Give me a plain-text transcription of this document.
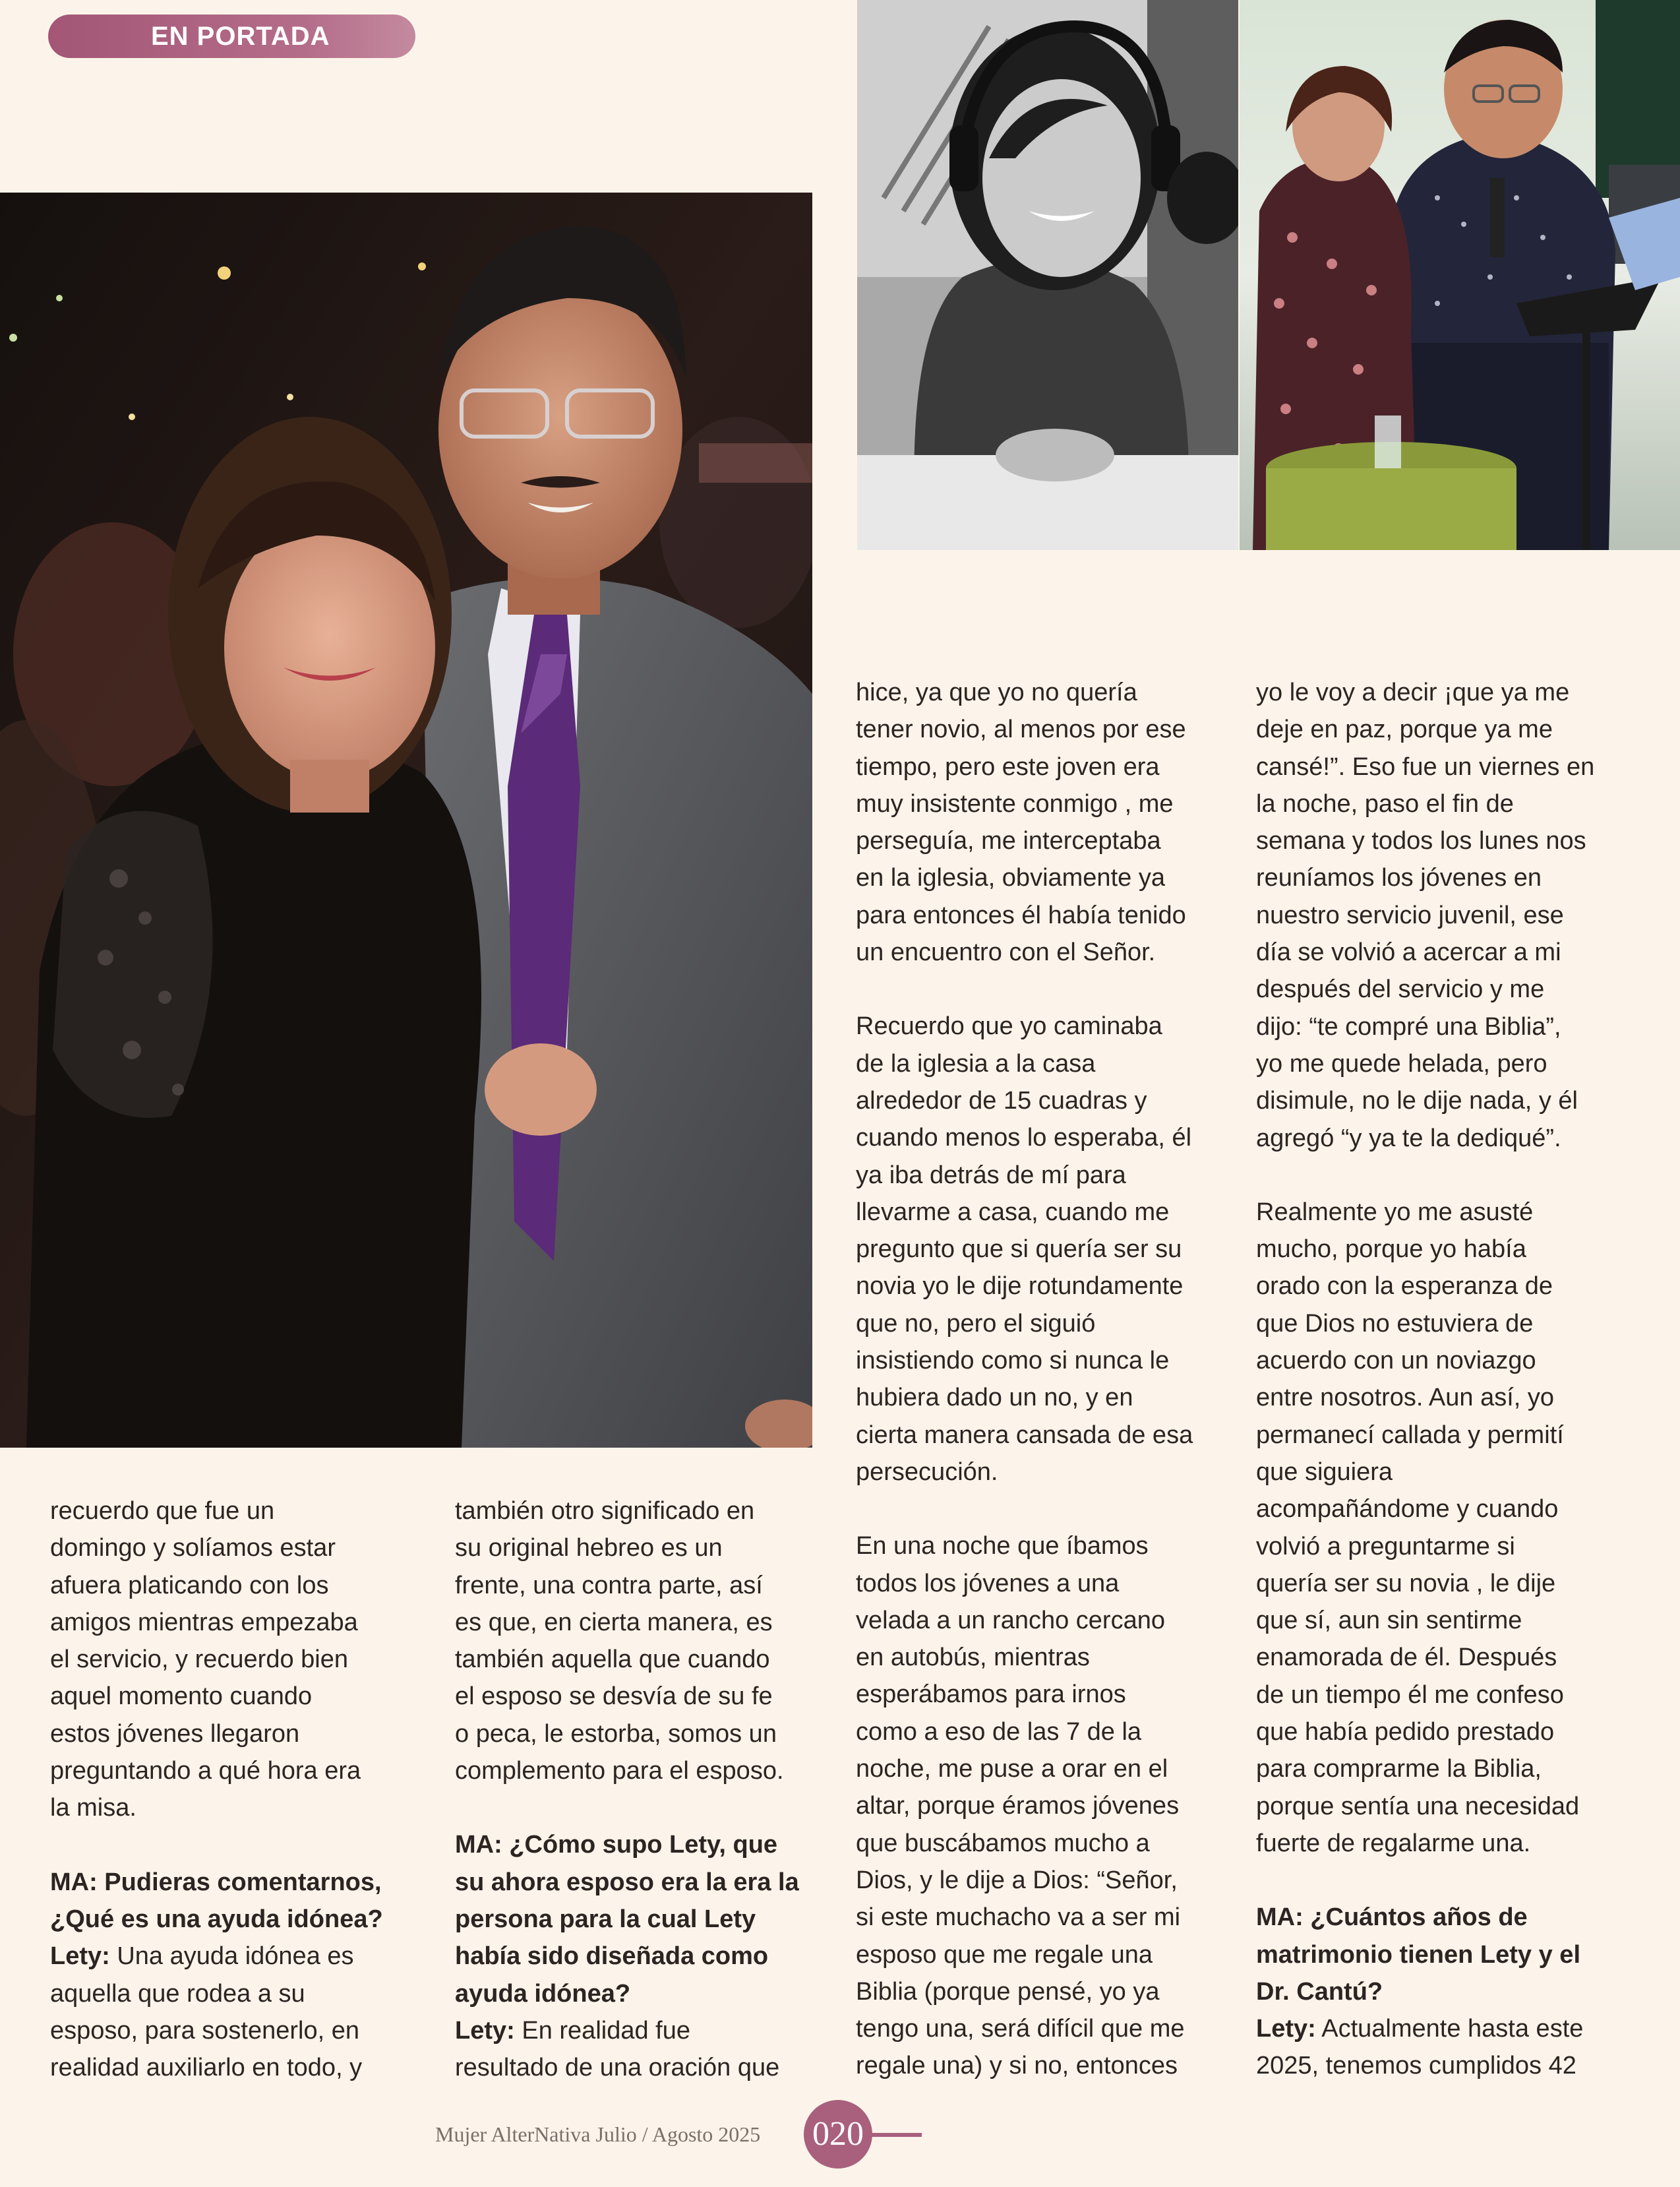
EN PORTADA

recuerdo que fue un
domingo y solíamos estar
afuera platicando con los
amigos mientras empezaba
el servicio, y recuerdo bien
aquel momento cuando
estos jóvenes llegaron
preguntando a qué hora era
la misa.

MA: Pudieras comentarnos,
¿Qué es una ayuda idónea?

Lety: Una ayuda idónea es
aquella que rodea a su
esposo, para sostenerlo, en
realidad auxiliarlo en todo, y

también otro significado en
su original hebreo es un
frente, una contra parte, así
es que, en cierta manera, es
también aquella que cuando
el esposo se desvía de su fe
o peca, le estorba, somos un
complemento para el esposo.

MA: ¿Cómo supo Lety, que
su ahora esposo era la era la
persona para la cual Lety
había sido diseñada como
ayuda idónea?

Lety: En realidad fue
resultado de una oración que

hice, ya que yo no quería
tener novio, al menos por ese
tiempo, pero este joven era
muy insistente conmigo , me
perseguía, me interceptaba
en la iglesia, obviamente ya
para entonces él había tenido
un encuentro con el Señor.

Recuerdo que yo caminaba
de la iglesia a la casa
alrededor de 15 cuadras y
cuando menos lo esperaba, él
ya iba detrás de mí para
llevarme a casa, cuando me
pregunto que si quería ser su
novia yo le dije rotundamente
que no, pero el siguió
insistiendo como si nunca le
hubiera dado un no, y en
cierta manera cansada de esa
persecución.

En una noche que íbamos
todos los jóvenes a una
velada a un rancho cercano
en autobús, mientras
esperábamos para irnos
como a eso de las 7 de la
noche, me puse a orar en el
altar, porque éramos jóvenes
que buscábamos mucho a
Dios, y le dije a Dios: “Señor,
si este muchacho va a ser mi
esposo que me regale una
Biblia (porque pensé, yo ya
tengo una, será difícil que me
regale una) y si no, entonces

yo le voy a decir ¡que ya me
deje en paz, porque ya me
cansé!”. Eso fue un viernes en
la noche, paso el fin de
semana y todos los lunes nos
reuníamos los jóvenes en
nuestro servicio juvenil, ese
día se volvió a acercar a mi
después del servicio y me
dijo: “te compré una Biblia”,
yo me quede helada, pero
disimule, no le dije nada, y él
agregó “y ya te la dediqué”.

Realmente yo me asusté
mucho, porque yo había
orado con la esperanza de
que Dios no estuviera de
acuerdo con un noviazgo
entre nosotros. Aun así, yo
permanecí callada y permití
que siguiera
acompañándome y cuando
volvió a preguntarme si
quería ser su novia , le dije
que sí, aun sin sentirme
enamorada de él. Después
de un tiempo él me confeso
que había pedido prestado
para comprarme la Biblia,
porque sentía una necesidad
fuerte de regalarme una.

MA: ¿Cuántos años de
matrimonio tienen Lety y el
Dr. Cantú?

Lety: Actualmente hasta este
2025, tenemos cumplidos 42

Mujer AlterNativa Julio / Agosto 2025 020
